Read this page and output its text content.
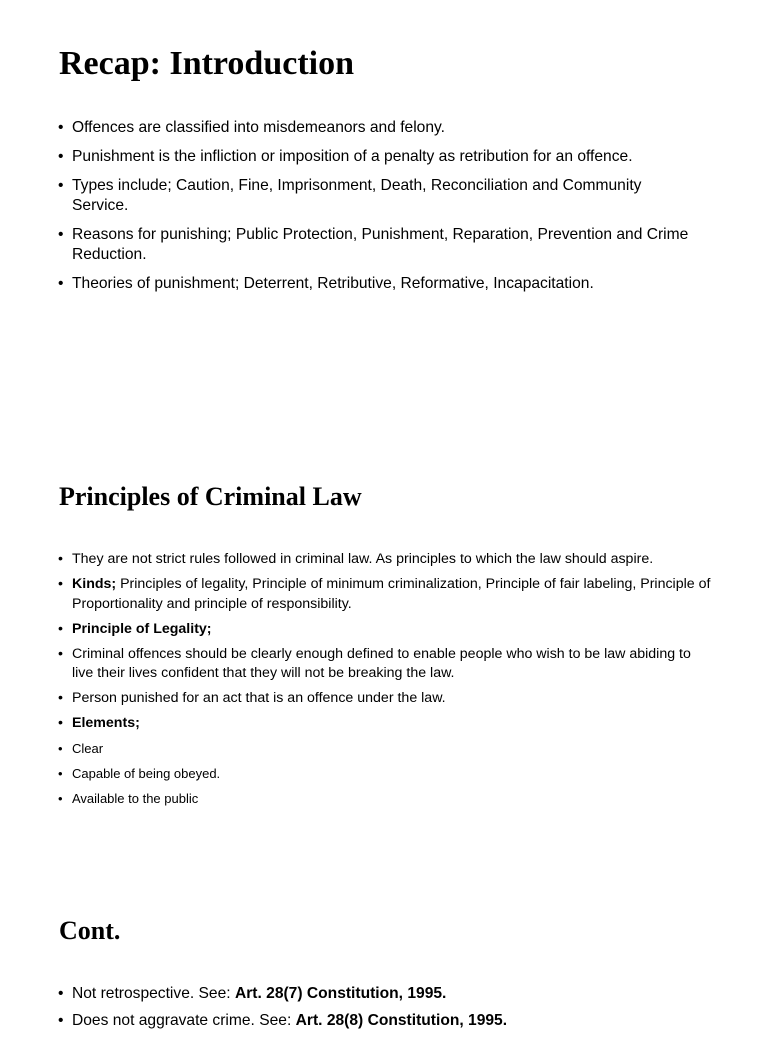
Recap: Introduction
• Offences are classified into misdemeanors and felony.
• Punishment is the infliction or imposition of a penalty as retribution for an offence.
• Types include; Caution, Fine, Imprisonment, Death, Reconciliation and Community Service.
• Reasons for punishing; Public Protection, Punishment, Reparation, Prevention and Crime Reduction.
• Theories of punishment; Deterrent, Retributive, Reformative, Incapacitation.
Principles of Criminal Law
• They are not strict rules followed in criminal law. As principles to which the law should aspire.
• Kinds; Principles of legality, Principle of minimum criminalization, Principle of fair labeling, Principle of Proportionality and principle of responsibility.
• Principle of Legality;
• Criminal offences should be clearly enough defined to enable people who wish to be law abiding to live their lives confident that they will not be breaking the law.
• Person punished for an act that is an offence under the law.
• Elements;
• Clear
• Capable of being obeyed.
• Available to the public
Cont.
• Not retrospective. See: Art. 28(7) Constitution, 1995.
• Does not aggravate crime. See: Art. 28(8) Constitution, 1995.
